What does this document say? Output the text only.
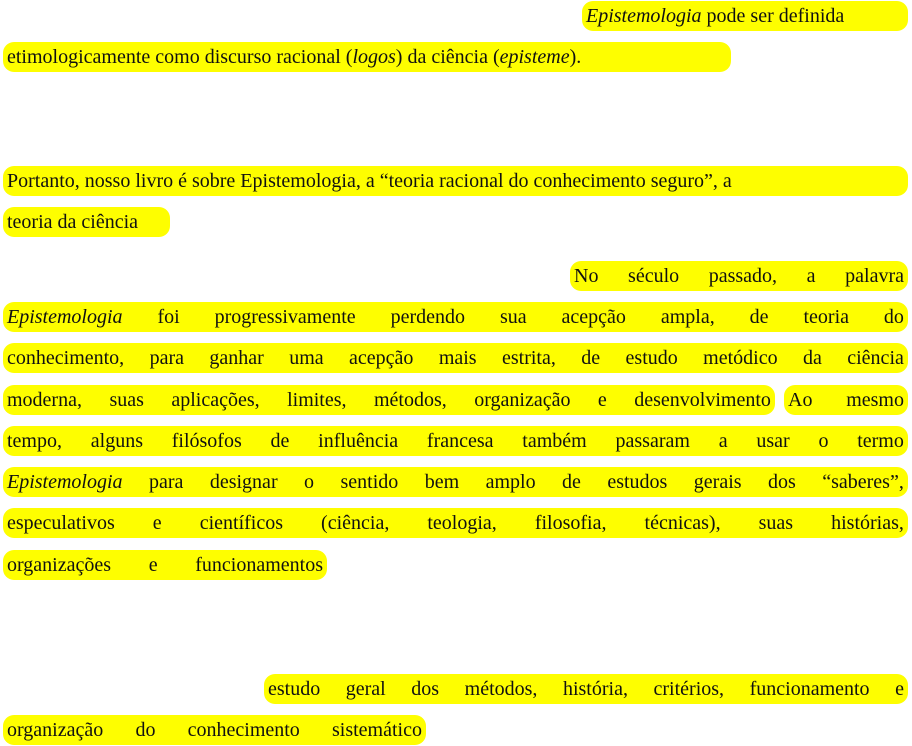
Epistemologia pode ser definida
etimologicamente como discurso racional (logos) da ciência (episteme).
Portanto, nosso livro é sobre Epistemologia, a “teoria racional do conhecimento seguro”, a
teoria da ciência
No século passado, a palavra
Epistemologia foi progressivamente perdendo sua acepção ampla, de teoria do
conhecimento, para ganhar uma acepção mais estrita, de estudo metódico da ciência
moderna, suas aplicações, limites, métodos, organização e desenvolvimento Ao mesmo
tempo, alguns filósofos de influência francesa também passaram a usar o termo
Epistemologia para designar o sentido bem amplo de estudos gerais dos “saberes”,
especulativos e científicos (ciência, teologia, filosofia, técnicas), suas histórias,
organizações e funcionamentos
estudo geral dos métodos, história, critérios, funcionamento e
organização do conhecimento sistemático
